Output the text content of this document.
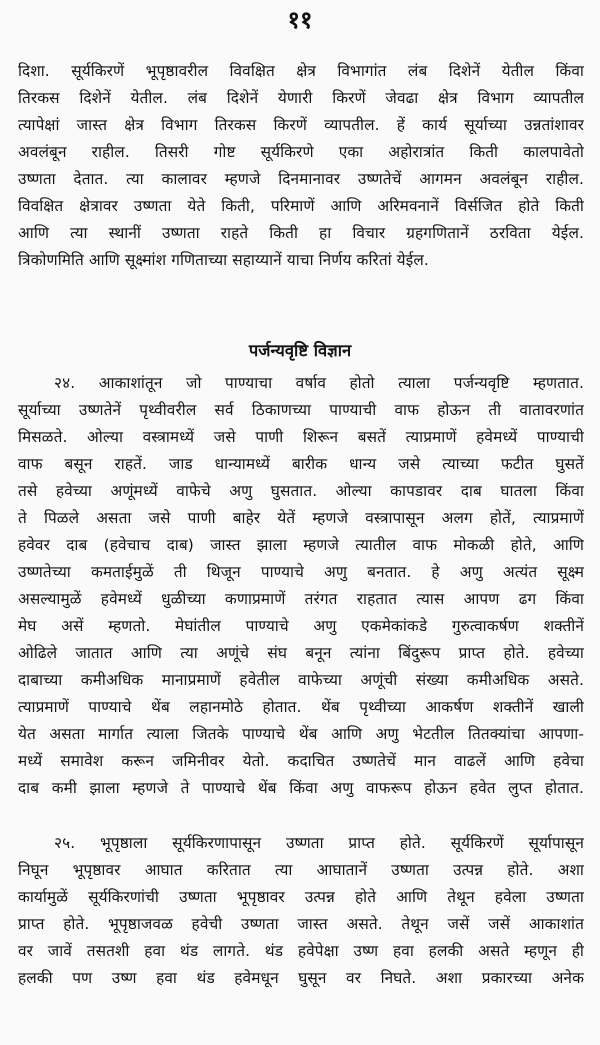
११
दिशा. सूर्यकिरणें भूपृष्ठावरील विवक्षित क्षेत्र विभागांत लंब दिशेनें येतील किंवा
तिरकस दिशेनें येतील. लंब दिशेनें येणारी किरणें जेवढा क्षेत्र विभाग व्यापतील
त्यापेक्षां जास्त क्षेत्र विभाग तिरकस किरणें व्यापतील. हें कार्य सूर्याच्या उन्नतांशावर
अवलंबून राहील. तिसरी गोष्ट सूर्यकिरणे एका अहोरात्रांत किती कालपावेतो
उष्णता देतात. त्या कालावर म्हणजे दिनमानावर उष्णतेचें आगमन अवलंबून राहील.
विवक्षित क्षेत्रावर उष्णता येते किती, परिमाणें आणि अरिमवनानें विर्सजित होते किती
आणि त्या स्थानीं उष्णता राहते किती हा विचार ग्रहगणितानें ठरविता येईल.
त्रिकोणमिति आणि सूक्ष्मांश गणिताच्या सहाय्यानें याचा निर्णय करितां येईल.
पर्जन्यवृष्टि विज्ञान
२४. आकाशांतून जो पाण्याचा वर्षाव होतो त्याला पर्जन्यवृष्टि म्हणतात.
सूर्याच्या उष्णतेनें पृथ्वीवरील सर्व ठिकाणच्या पाण्याची वाफ होऊन ती वातावरणांत
मिसळते. ओल्या वस्त्रामध्यें जसे पाणी शिरून बसतें त्याप्रमाणें हवेमध्यें पाण्याची
वाफ बसून राहतें. जाड धान्यामध्यें बारीक धान्य जसे त्याच्या फटीत घुसतें
तसे हवेच्या अणूंमध्यें वाफेचे अणु घुसतात. ओल्या कापडावर दाब घातला किंवा
ते पिळले असता जसे पाणी बाहेर येतें म्हणजे वस्त्रापासून अलग होतें, त्याप्रमाणें
हवेवर दाब (हवेचाच दाब) जास्त झाला म्हणजे त्यातील वाफ मोकळी होते, आणि
उष्णतेच्या कमताईमुळें ती थिजून पाण्याचे अणु बनतात. हे अणु अत्यंत सूक्ष्म
असल्यामुळें हवेमध्यें धुळीच्या कणाप्रमाणें तरंगत राहतात त्यास आपण ढग किंवा
मेघ असें म्हणतो. मेघांतील पाण्याचे अणु एकमेकांकडे गुरुत्वाकर्षण शक्तीनें
ओढिले जातात आणि त्या अणूंचे संघ बनून त्यांना बिंदुरूप प्राप्त होते. हवेच्या
दाबाच्या कमीअधिक मानाप्रमाणें हवेतील वाफेच्या अणूंची संख्या कमीअधिक असते.
त्याप्रमाणें पाण्याचे थेंब लहानमोठे होतात. थेंब पृथ्वीच्या आकर्षण शक्तीनें खाली
येत असता मार्गात त्याला जितके पाण्याचे थेंब आणि अणु भेटतील तितक्यांचा आपणा-
मध्यें समावेश करून जमिनीवर येतो. कदाचित उष्णतेचें मान वाढलें आणि हवेचा
दाब कमी झाला म्हणजे ते पाण्याचे थेंब किंवा अणु वाफरूप होऊन हवेत लुप्त होतात.
२५. भूपृष्ठाला सूर्यकिरणापासून उष्णता प्राप्त होते. सूर्यकिरणें सूर्यापासून
निघून भूपृष्ठावर आघात करितात त्या आघातानें उष्णता उत्पन्न होते. अशा
कार्यामुळें सूर्यकिरणांची उष्णता भूपृष्ठावर उत्पन्न होते आणि तेथून हवेला उष्णता
प्राप्त होते. भूपृष्ठाजवळ हवेची उष्णता जास्त असते. तेथून जसें जसें आकाशांत
वर जावें तसतशी हवा थंड लागते. थंड हवेपेक्षा उष्ण हवा हलकी असते म्हणून ही
हलकी पण उष्ण हवा थंड हवेमधून घुसून वर निघते. अशा प्रकारच्या अनेक
